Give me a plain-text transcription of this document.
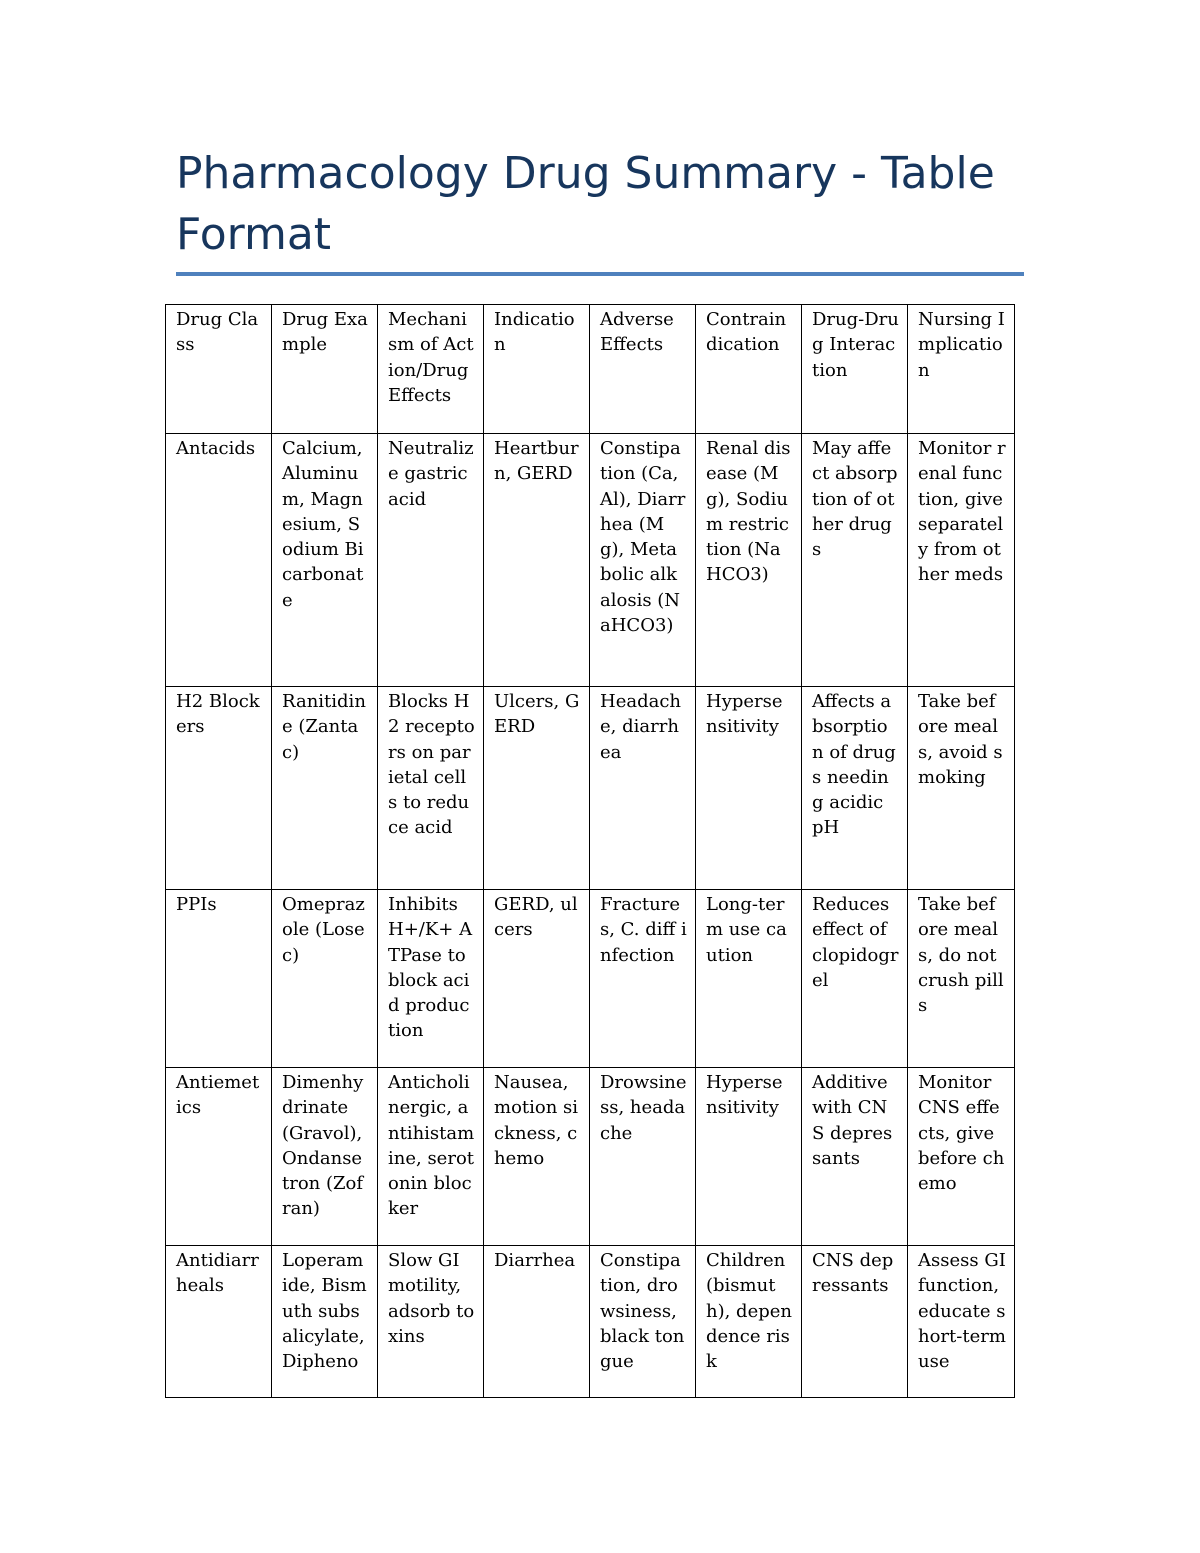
Pharmacology Drug Summary - Table Format
Drug Class	Drug Example	Mechanism of Action/Drug Effects	Indication	Adverse Effects	Contraindication	Drug-Drug Interaction	Nursing Implication
Antacids	Calcium, Aluminum, Magnesium, Sodium Bicarbonate	Neutralize gastric acid	Heartburn, GERD	Constipation (Ca, Al), Diarrhea (Mg), Metabolic alkalosis (NaHCO3)	Renal disease (Mg), Sodium restriction (NaHCO3)	May affect absorption of other drugs	Monitor renal function, give separately from other meds
H2 Blockers	Ranitidine (Zantac)	Blocks H2 receptors on parietal cells to reduce acid	Ulcers, GERD	Headache, diarrhea	Hypersensitivity	Affects absorption of drugs needing acidic pH	Take before meals, avoid smoking
PPIs	Omeprazole (Losec)	Inhibits H+/K+ ATPase to block acid production	GERD, ulcers	Fractures, C. diff infection	Long-term use caution	Reduces effect of clopidogrel	Take before meals, do not crush pills
Antiemetics	Dimenhydrinate (Gravol), Ondansetron (Zofran)	Anticholinergic, antihistamine, serotonin blocker	Nausea, motion sickness, chemo	Drowsiness, headache	Hypersensitivity	Additive with CNS depressants	Monitor CNS effects, give before chemo
Antidiarrheals	Loperamide, Bismuth subsalicylate, Dipheno	Slow GI motility, adsorb toxins	Diarrhea	Constipation, drowsiness, black tongue	Children (bismuth), dependence risk	CNS depressants	Assess GI function, educate short-term use
